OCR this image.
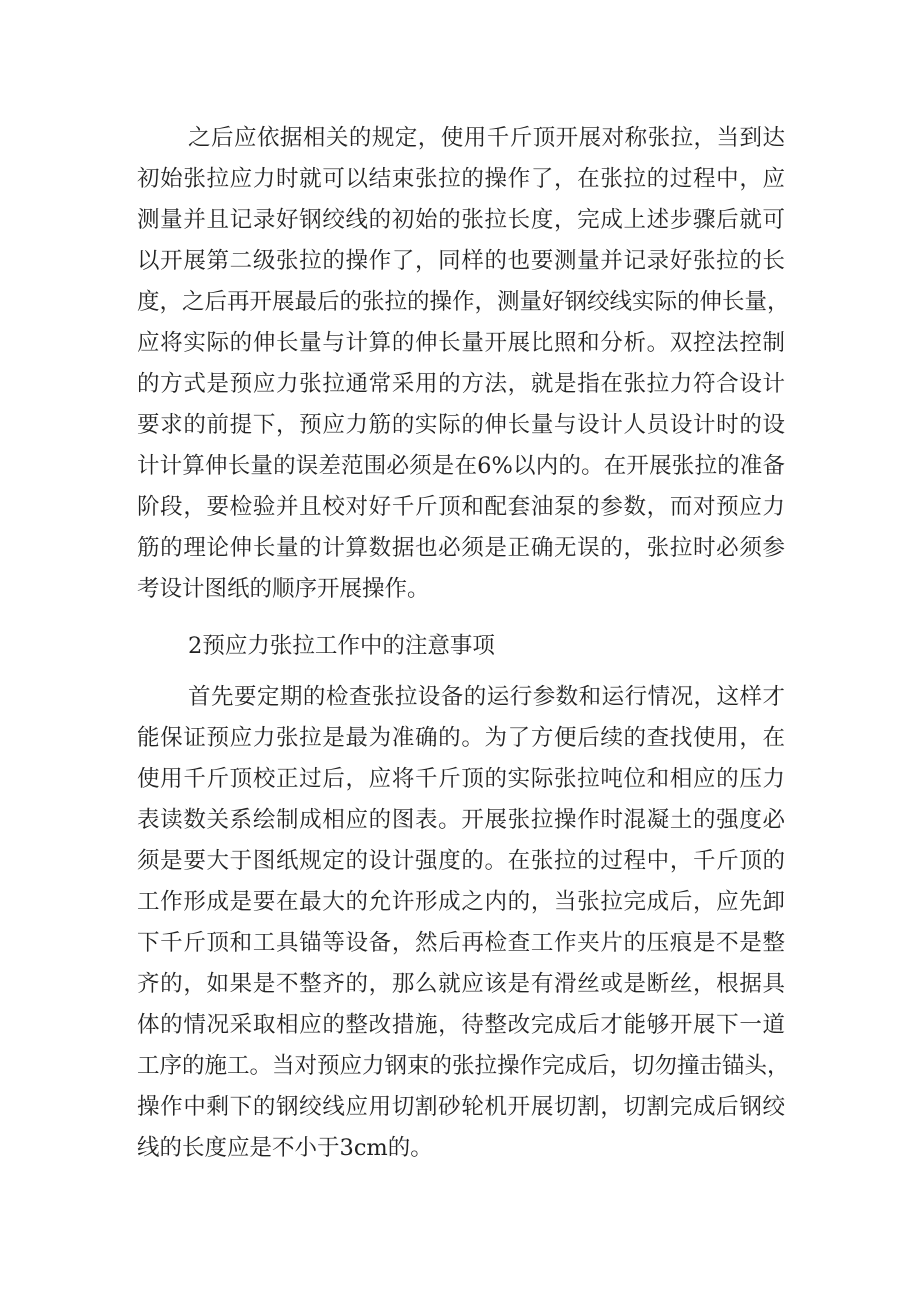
之后应依据相关的规定，使用千斤顶开展对称张拉，当到达
初始张拉应力时就可以结束张拉的操作了，在张拉的过程中，应
测量并且记录好钢绞线的初始的张拉长度，完成上述步骤后就可
以开展第二级张拉的操作了，同样的也要测量并记录好张拉的长
度，之后再开展最后的张拉的操作，测量好钢绞线实际的伸长量，
应将实际的伸长量与计算的伸长量开展比照和分析。双控法控制
的方式是预应力张拉通常采用的方法，就是指在张拉力符合设计
要求的前提下，预应力筋的实际的伸长量与设计人员设计时的设
计计算伸长量的误差范围必须是在6%以内的。在开展张拉的准备
阶段，要检验并且校对好千斤顶和配套油泵的参数，而对预应力
筋的理论伸长量的计算数据也必须是正确无误的，张拉时必须参
考设计图纸的顺序开展操作。
2预应力张拉工作中的注意事项
首先要定期的检查张拉设备的运行参数和运行情况，这样才
能保证预应力张拉是最为准确的。为了方便后续的查找使用，在
使用千斤顶校正过后，应将千斤顶的实际张拉吨位和相应的压力
表读数关系绘制成相应的图表。开展张拉操作时混凝土的强度必
须是要大于图纸规定的设计强度的。在张拉的过程中，千斤顶的
工作形成是要在最大的允许形成之内的，当张拉完成后，应先卸
下千斤顶和工具锚等设备，然后再检查工作夹片的压痕是不是整
齐的，如果是不整齐的，那么就应该是有滑丝或是断丝，根据具
体的情况采取相应的整改措施，待整改完成后才能够开展下一道
工序的施工。当对预应力钢束的张拉操作完成后，切勿撞击锚头，
操作中剩下的钢绞线应用切割砂轮机开展切割，切割完成后钢绞
线的长度应是不小于3cm的。
